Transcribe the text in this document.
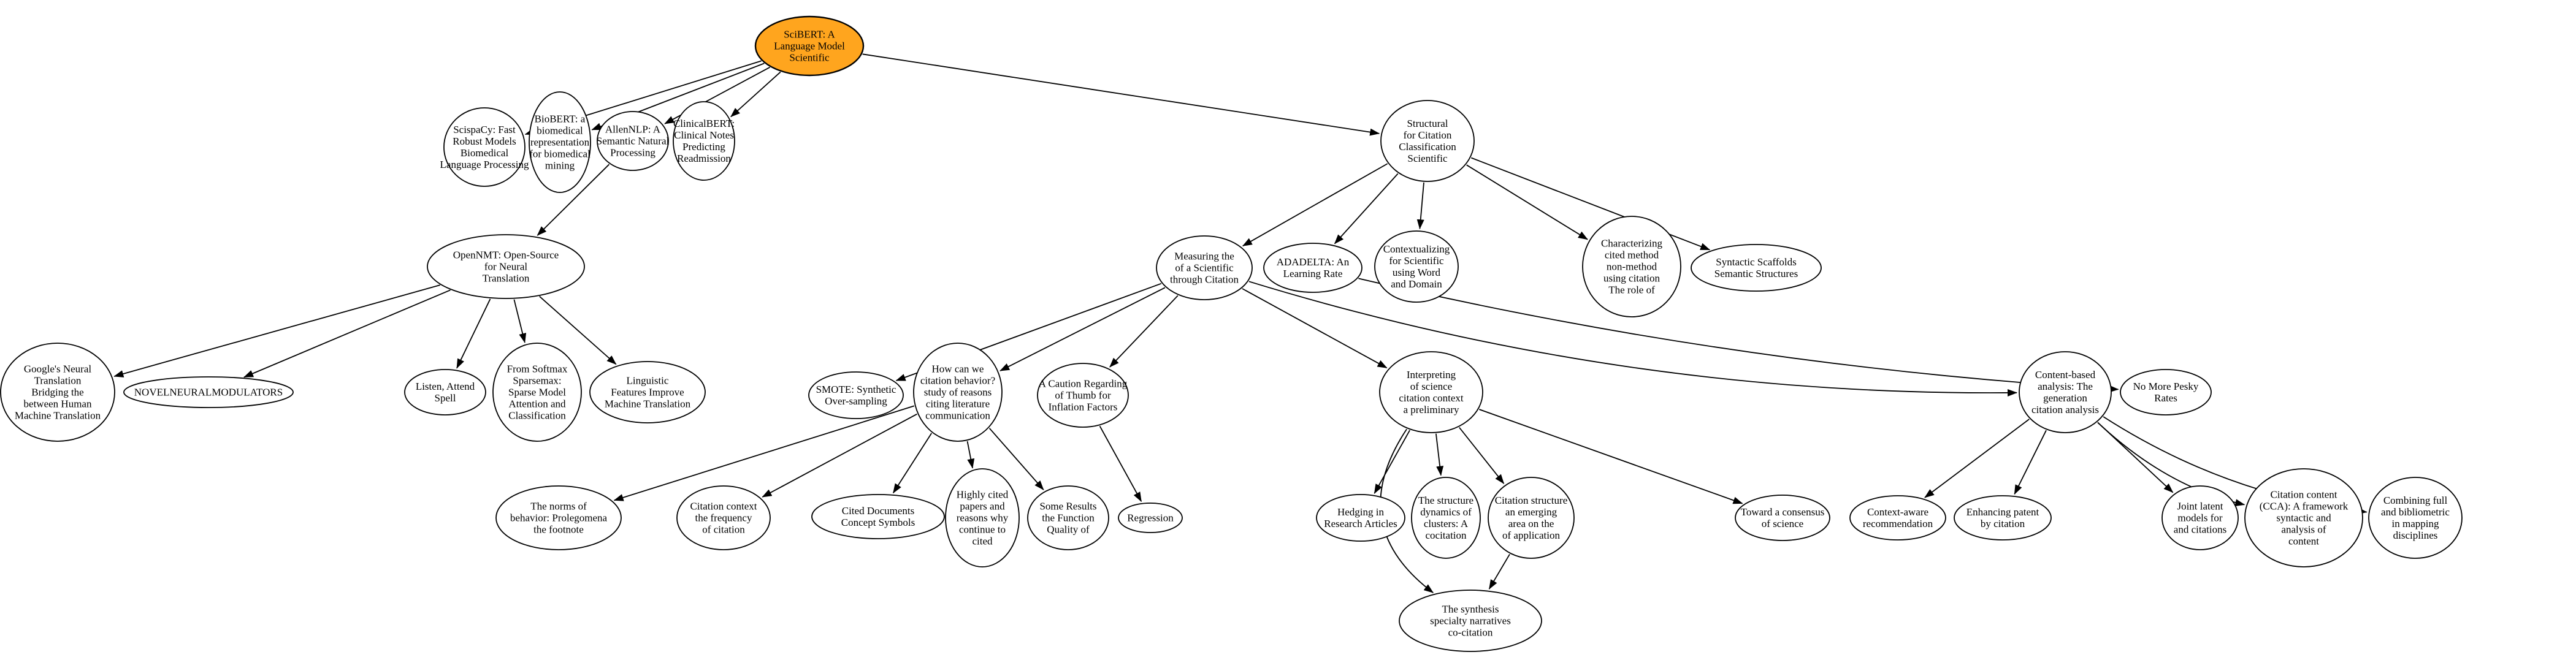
SciBERT: A Language Model Scientific
ScispaCy: Fast Robust Models Biomedical Language Processing
BioBERT: a biomedical representation for biomedical mining
AllenNLP: A Semantic Natural Processing
ClinicalBERT: Clinical Notes Predicting Readmission
Structural for Citation Classification Scientific
OpenNMT: Open-Source for Neural Translation
Measuring the of a Scientific through Citation
ADADELTA: An Learning Rate
Contextualizing for Scientific using Word and Domain
Characterizing cited method non-method using citation The role of
Syntactic Scaffolds Semantic Structures
Google's Neural Translation Bridging the between Human Machine Translation
NOVELNEURALMODULATORS	Listen, Attend Spell
From Softmax Sparsemax: Sparse Model Attention and Classification
Linguistic Features Improve Machine Translation
SMOTE: Synthetic Over-sampling
How can we citation behavior? study of reasons citing literature communication
A Caution Regarding of Thumb for Inflation Factors
Interpreting of science citation context a preliminary
Content-based analysis: The generation citation analysis
No More Pesky Rates
The norms of behavior: Prolegomena the footnote
Citation context the frequency of citation
Cited Documents Concept Symbols
Highly cited papers and reasons why continue to cited
Some Results the Function Quality of
Regression	Hedging in Research Articles
The structure dynamics of clusters: A cocitation
Citation structure an emerging area on the of application
Toward a consensus of science
Context-aware recommendation
Enhancing patent by citation
Joint latent models for and citations
Citation content (CCA): A framework syntactic and analysis of content
Combining full and bibliometric in mapping disciplines
The synthesis specialty narratives co-citation
